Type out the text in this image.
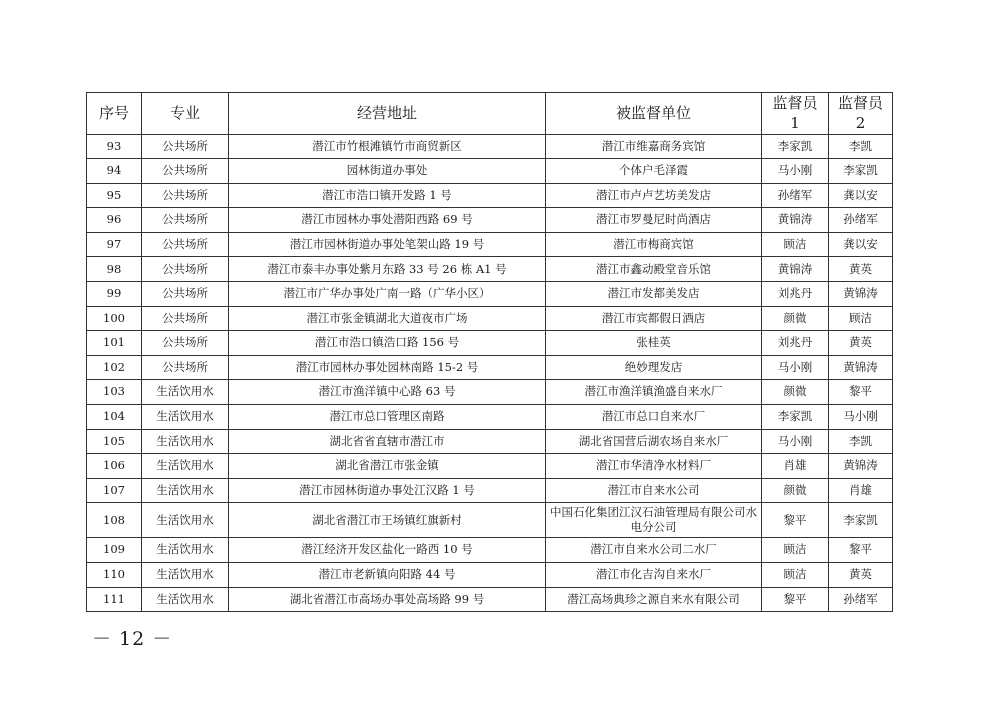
序号	专业	经营地址	被监督单位	监督员 1	监督员 2
93	公共场所	潜江市竹根滩镇竹市商贸新区	潜江市维嘉商务宾馆	李家凯	李凯
94	公共场所	园林街道办事处	个体户毛泽霞	马小刚	李家凯
95	公共场所	潜江市浩口镇开发路 1 号	潜江市卢卢艺坊美发店	孙绪军	龚以安
96	公共场所	潜江市园林办事处潜阳西路 69 号	潜江市罗曼尼时尚酒店	黄锦涛	孙绪军
97	公共场所	潜江市园林街道办事处笔架山路 19 号	潜江市梅商宾馆	顾洁	龚以安
98	公共场所	潜江市泰丰办事处紫月东路 33 号 26 栋 A1 号	潜江市鑫动殿堂音乐馆	黄锦涛	黄英
99	公共场所	潜江市广华办事处广南一路（广华小区）	潜江市发都美发店	刘兆丹	黄锦涛
100	公共场所	潜江市张金镇湖北大道夜市广场	潜江市宾都假日酒店	颜微	顾洁
101	公共场所	潜江市浩口镇浩口路 156 号	张桂英	刘兆丹	黄英
102	公共场所	潜江市园林办事处园林南路 15-2 号	绝妙理发店	马小刚	黄锦涛
103	生活饮用水	潜江市渔洋镇中心路 63 号	潜江市渔洋镇渔盛自来水厂	颜微	黎平
104	生活饮用水	潜江市总口管理区南路	潜江市总口自来水厂	李家凯	马小刚
105	生活饮用水	湖北省省直辖市潜江市	湖北省国营后湖农场自来水厂	马小刚	李凯
106	生活饮用水	湖北省潜江市张金镇	潜江市华清净水材料厂	肖雄	黄锦涛
107	生活饮用水	潜江市园林街道办事处江汉路 1 号	潜江市自来水公司	颜微	肖雄
108	生活饮用水	湖北省潜江市王场镇红旗新村	中国石化集团江汉石油管理局有限公司水电分公司	黎平	李家凯
109	生活饮用水	潜江经济开发区盐化一路西 10 号	潜江市自来水公司二水厂	顾洁	黎平
110	生活饮用水	潜江市老新镇向阳路 44 号	潜江市化吉沟自来水厂	顾洁	黄英
111	生活饮用水	湖北省潜江市高场办事处高场路 99 号	潜江高场典珍之源自来水有限公司	黎平	孙绪军
－ 12 －
